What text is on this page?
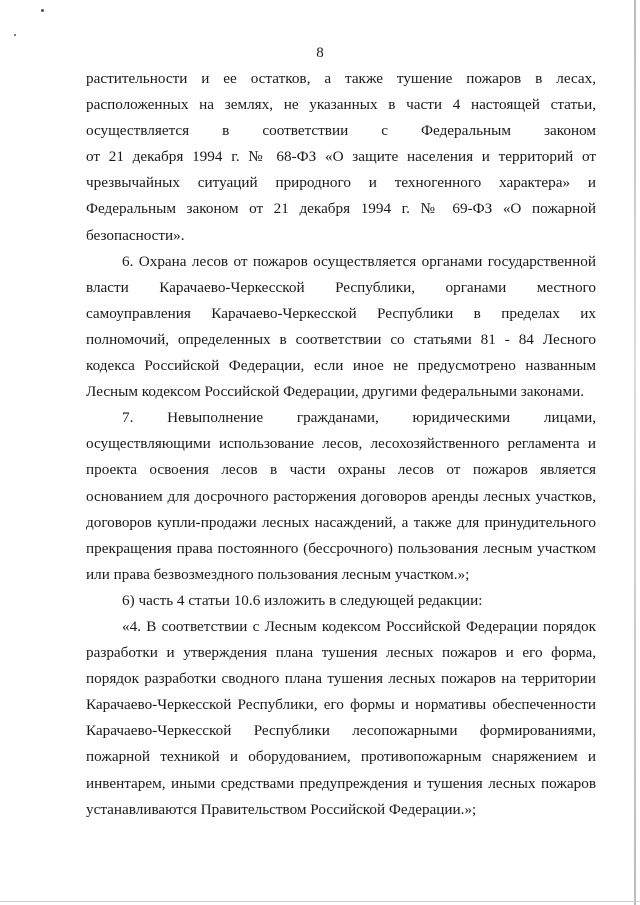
8
растительности и ее остатков, а также тушение пожаров в лесах,
расположенных на землях, не указанных в части 4 настоящей статьи,
осуществляется в соответствии с Федеральным законом
от 21 декабря 1994 г. № 68-ФЗ «О защите населения и территорий от
чрезвычайных ситуаций природного и техногенного характера» и
Федеральным законом от 21 декабря 1994 г. № 69-ФЗ «О пожарной
безопасности».
6. Охрана лесов от пожаров осуществляется органами государственной
власти Карачаево-Черкесской Республики, органами местного
самоуправления Карачаево-Черкесской Республики в пределах их
полномочий, определенных в соответствии со статьями 81 - 84 Лесного
кодекса Российской Федерации, если иное не предусмотрено названным
Лесным кодексом Российской Федерации, другими федеральными законами.
7. Невыполнение гражданами, юридическими лицами,
осуществляющими использование лесов, лесохозяйственного регламента и
проекта освоения лесов в части охраны лесов от пожаров является
основанием для досрочного расторжения договоров аренды лесных участков,
договоров купли-продажи лесных насаждений, а также для принудительного
прекращения права постоянного (бессрочного) пользования лесным участком
или права безвозмездного пользования лесным участком.»;
6) часть 4 статьи 10.6 изложить в следующей редакции:
«4. В соответствии с Лесным кодексом Российской Федерации порядок
разработки и утверждения плана тушения лесных пожаров и его форма,
порядок разработки сводного плана тушения лесных пожаров на территории
Карачаево-Черкесской Республики, его формы и нормативы обеспеченности
Карачаево-Черкесской Республики лесопожарными формированиями,
пожарной техникой и оборудованием, противопожарным снаряжением и
инвентарем, иными средствами предупреждения и тушения лесных пожаров
устанавливаются Правительством Российской Федерации.»;
